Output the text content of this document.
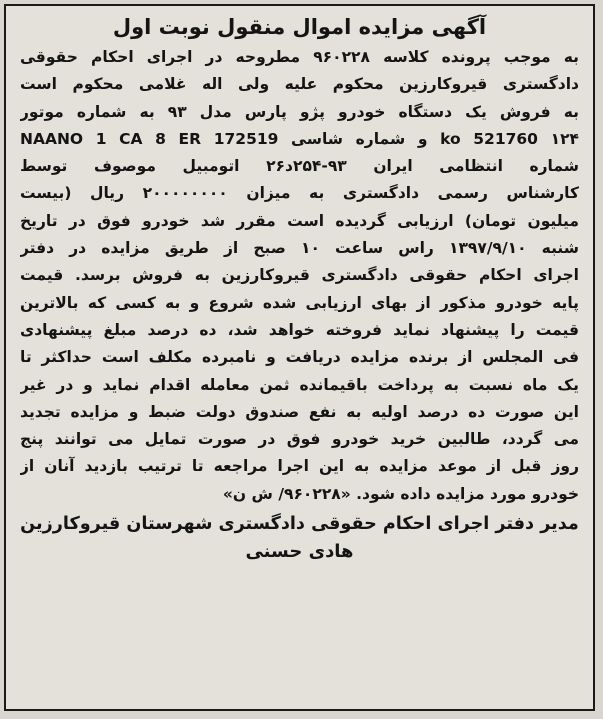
آگهی مزایده اموال منقول نوبت اول
به موجب پرونده کلاسه ۹۶۰۲۲۸ مطروحه در اجرای احکام حقوقی
دادگستری قیروکارزین محکوم علیه ولی اله غلامی محکوم است
به فروش یک دستگاه خودرو پژو پارس مدل ۹۳ به شماره موتور
۱۲۴ ko 521760 و شماره شاسی NAANO 1 CA 8 ER 172519
شماره انتظامی ایران ۹۳-۲۵۴د۲۶ اتومبیل موصوف توسط
کارشناس رسمی دادگستری به میزان ۲۰۰۰۰۰۰۰۰ ریال (بیست
میلیون تومان) ارزیابی گردیده است مقرر شد خودرو فوق در تاریخ
شنبه ۱۳۹۷/۹/۱۰ راس ساعت ۱۰ صبح از طریق مزایده در دفتر
اجرای احکام حقوقی دادگستری قیروکارزین به فروش برسد. قیمت
پایه خودرو مذکور از بهای ارزیابی شده شروع و به کسی که بالاترین
قیمت را پیشنهاد نماید فروخته خواهد شد، ده درصد مبلغ پیشنهادی
فی المجلس از برنده مزایده دریافت و نامبرده مکلف است حداکثر تا
یک ماه نسبت به پرداخت باقیمانده ثمن معامله اقدام نماید و در غیر
این صورت ده درصد اولیه به نفع صندوق دولت ضبط و مزایده تجدید
می گردد، طالبین خرید خودرو فوق در صورت تمایل می توانند پنج
روز قبل از موعد مزایده به این اجرا مراجعه تا ترتیب بازدید آنان از
خودرو مورد مزایده داده شود. «۹۶۰۲۲۸/ ش ن»
مدیر دفتر اجرای احکام حقوقی دادگستری شهرستان قیروکارزین
هادی حسنی
